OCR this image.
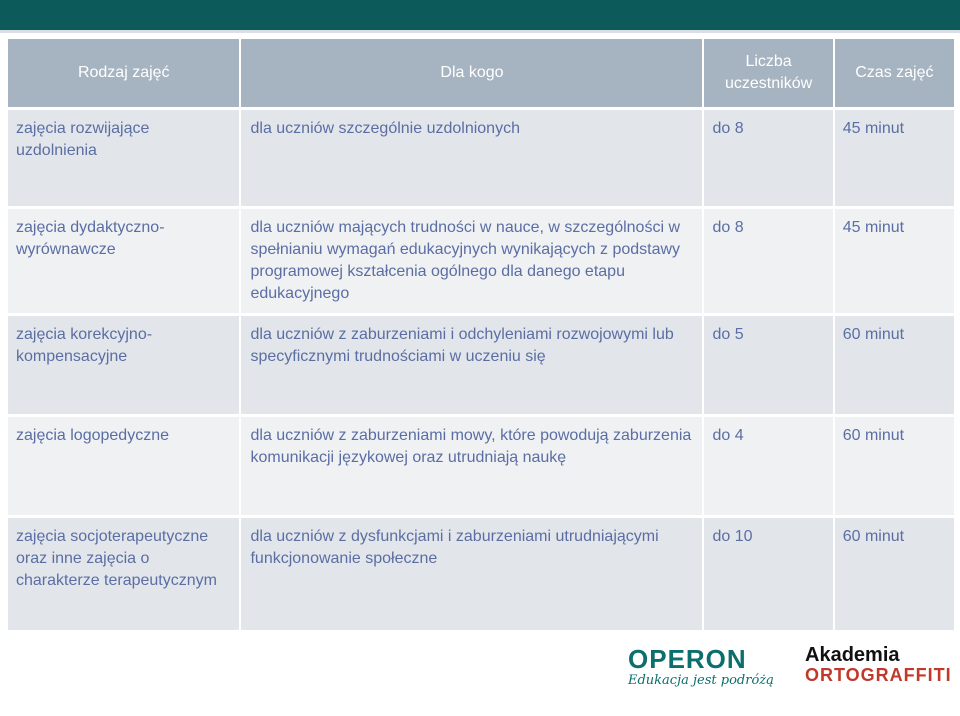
Rodzaj zajęć	Dla kogo	Liczba uczestników	Czas zajęć
zajęcia rozwijające uzdolnienia	dla uczniów szczególnie uzdolnionych	do 8	45 minut
zajęcia dydaktyczno-wyrównawcze	dla uczniów mających trudności w nauce, w szczególności w spełnianiu wymagań edukacyjnych wynikających z podstawy programowej kształcenia ogólnego dla danego etapu edukacyjnego	do 8	45 minut
zajęcia korekcyjno-kompensacyjne	dla uczniów z zaburzeniami i odchyleniami rozwojowymi lub specyficznymi trudnościami w uczeniu się	do 5	60 minut
zajęcia logopedyczne	dla uczniów z zaburzeniami mowy, które powodują zaburzenia komunikacji językowej oraz utrudniają naukę	do 4	60 minut
zajęcia socjoterapeutyczne oraz inne zajęcia o charakterze terapeutycznym	dla uczniów z dysfunkcjami i zaburzeniami utrudniającymi funkcjonowanie społeczne	do 10	60 minut
OPERON
Edukacja jest podróżą
Akademia
ORTOGRAFFITI
